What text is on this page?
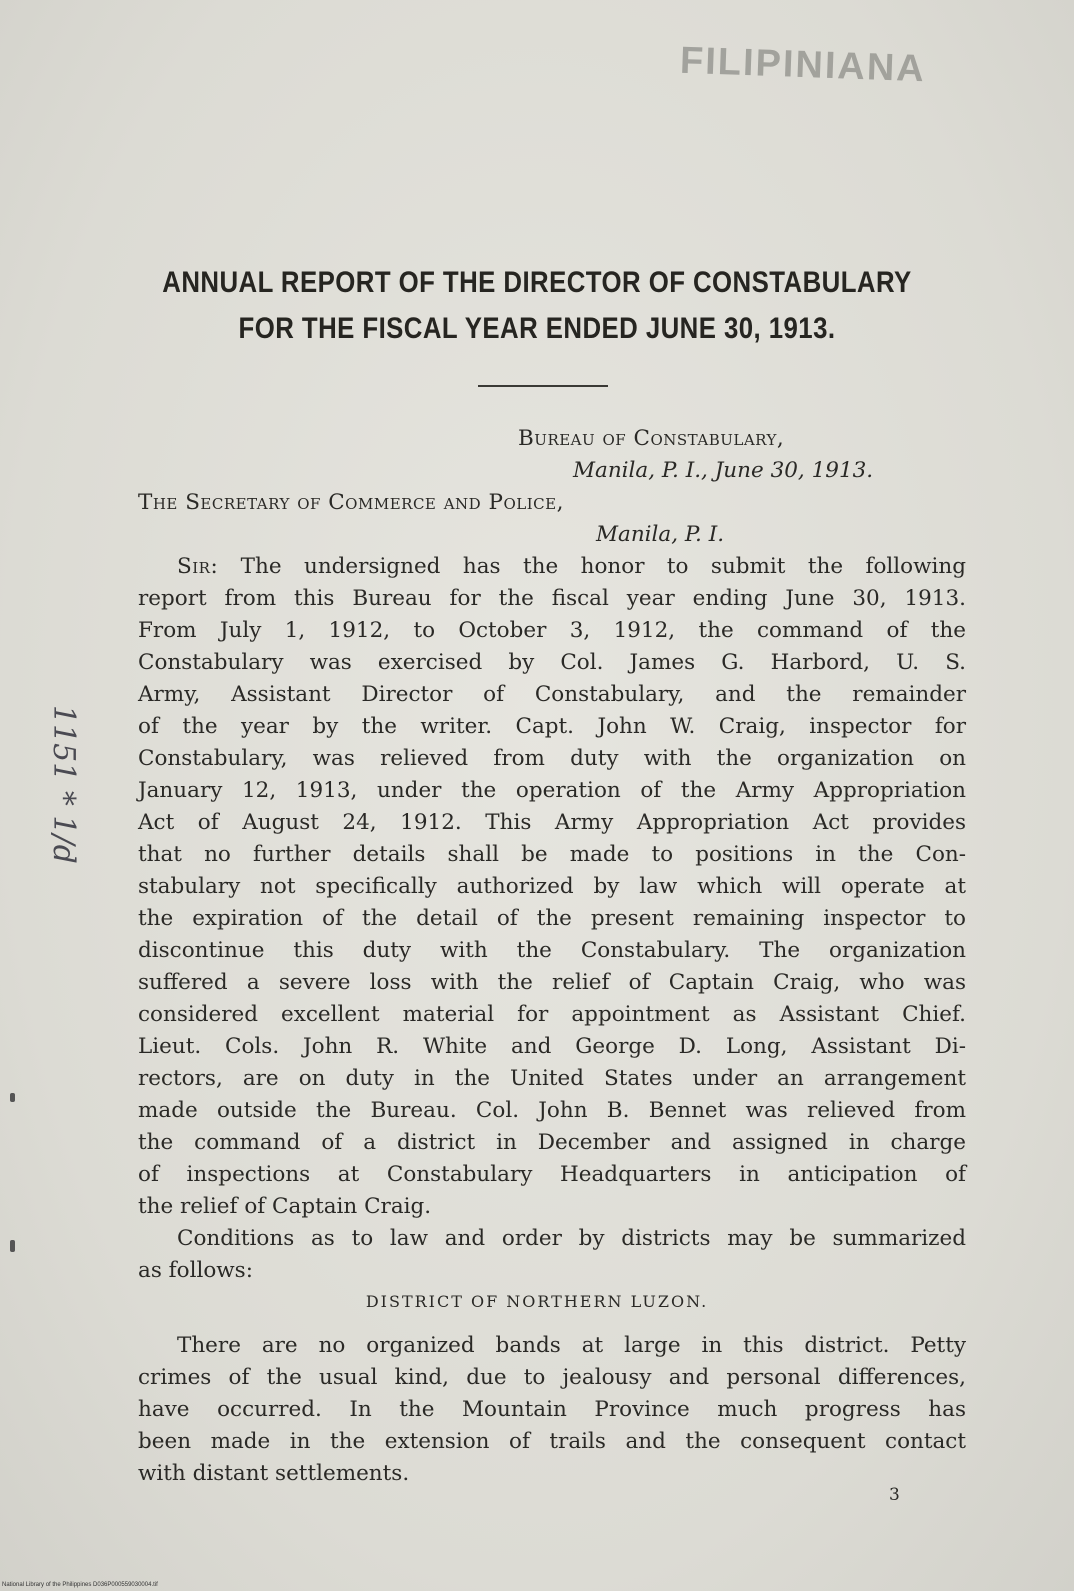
FILIPINIANA
ANNUAL REPORT OF THE DIRECTOR OF CONSTABULARY
FOR THE FISCAL YEAR ENDED JUNE 30, 1913.
Bureau of Constabulary,
Manila, P. I., June 30, 1913.
The Secretary of Commerce and Police,
Manila, P. I.
Sir: The undersigned has the honor to submit the following
report from this Bureau for the fiscal year ending June 30, 1913.
From July 1, 1912, to October 3, 1912, the command of the
Constabulary was exercised by Col. James G. Harbord, U. S.
Army, Assistant Director of Constabulary, and the remainder
of the year by the writer. Capt. John W. Craig, inspector for
Constabulary, was relieved from duty with the organization on
January 12, 1913, under the operation of the Army Appropriation
Act of August 24, 1912. This Army Appropriation Act provides
that no further details shall be made to positions in the Con-
stabulary not specifically authorized by law which will operate at
the expiration of the detail of the present remaining inspector to
discontinue this duty with the Constabulary. The organization
suffered a severe loss with the relief of Captain Craig, who was
considered excellent material for appointment as Assistant Chief.
Lieut. Cols. John R. White and George D. Long, Assistant Di-
rectors, are on duty in the United States under an arrangement
made outside the Bureau. Col. John B. Bennet was relieved from
the command of a district in December and assigned in charge
of inspections at Constabulary Headquarters in anticipation of
the relief of Captain Craig.
Conditions as to law and order by districts may be summarized
as follows:
DISTRICT OF NORTHERN LUZON.
There are no organized bands at large in this district. Petty
crimes of the usual kind, due to jealousy and personal differences,
have occurred. In the Mountain Province much progress has
been made in the extension of trails and the consequent contact
with distant settlements.
3
1151 * 1/d
National Library of the Philippines D036P000559030004.tif
